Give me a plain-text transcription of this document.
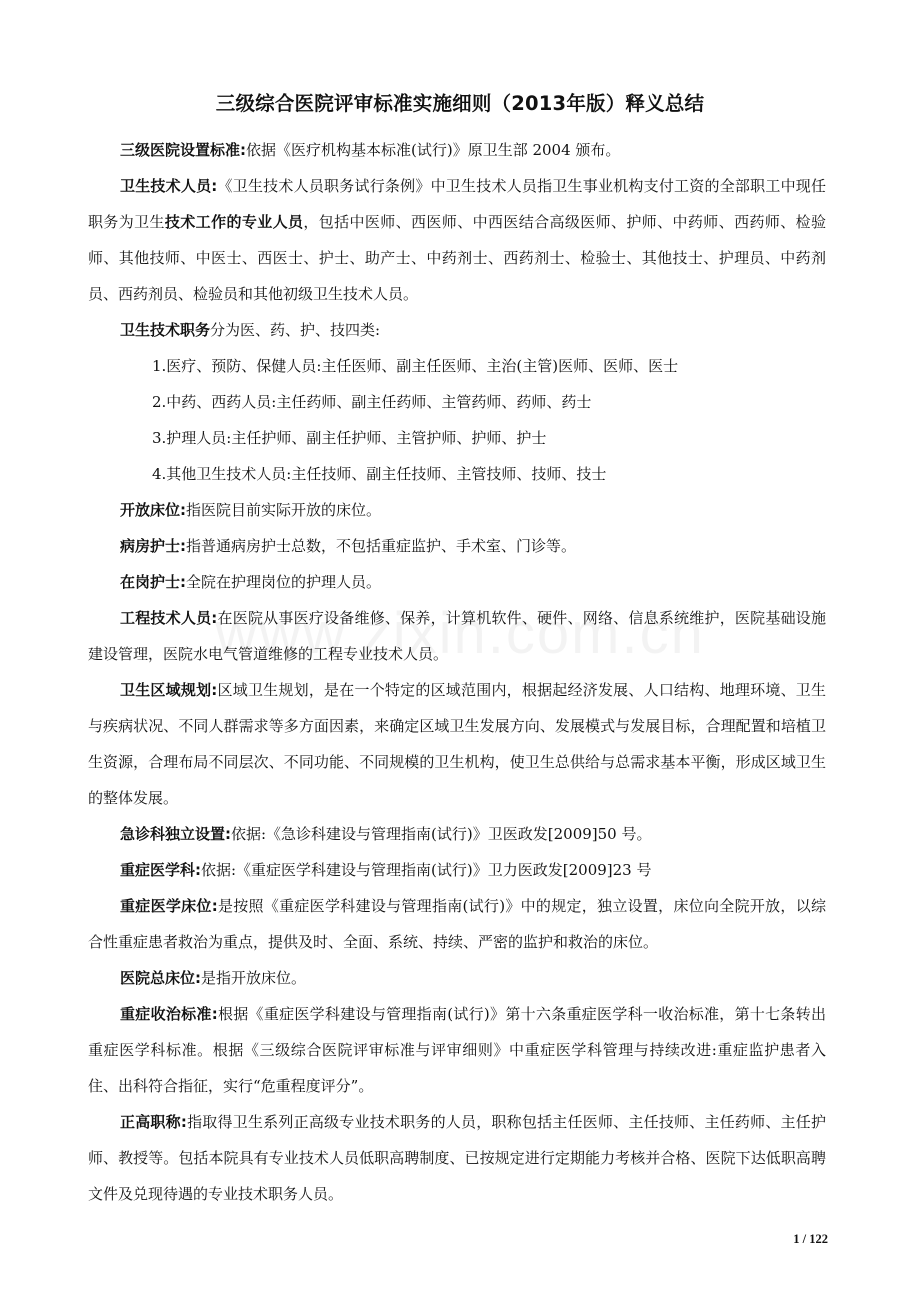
三级综合医院评审标准实施细则（2013年版）释义总结

三级医院设置标准:依据《医疗机构基本标准(试行)》原卫生部 2004 颁布。

卫生技术人员:《卫生技术人员职务试行条例》中卫生技术人员指卫生事业机构支付工资的全部职工中现任职务为卫生技术工作的专业人员，包括中医师、西医师、中西医结合高级医师、护师、中药师、西药师、检验师、其他技师、中医士、西医士、护士、助产士、中药剂士、西药剂士、检验士、其他技士、护理员、中药剂员、西药剂员、检验员和其他初级卫生技术人员。

卫生技术职务分为医、药、护、技四类:

1.医疗、预防、保健人员:主任医师、副主任医师、主治(主管)医师、医师、医士

2.中药、西药人员:主任药师、副主任药师、主管药师、药师、药士

3.护理人员:主任护师、副主任护师、主管护师、护师、护士

4.其他卫生技术人员:主任技师、副主任技师、主管技师、技师、技士

开放床位:指医院目前实际开放的床位。

病房护士:指普通病房护士总数，不包括重症监护、手术室、门诊等。

在岗护士:全院在护理岗位的护理人员。

工程技术人员:在医院从事医疗设备维修、保养，计算机软件、硬件、网络、信息系统维护，医院基础设施建设管理，医院水电气管道维修的工程专业技术人员。

卫生区域规划:区域卫生规划，是在一个特定的区域范围内，根据起经济发展、人口结构、地理环境、卫生与疾病状况、不同人群需求等多方面因素，来确定区域卫生发展方向、发展模式与发展目标，合理配置和培植卫生资源，合理布局不同层次、不同功能、不同规模的卫生机构，使卫生总供给与总需求基本平衡，形成区域卫生的整体发展。

急诊科独立设置:依据:《急诊科建设与管理指南(试行)》卫医政发[2009]50 号。

重症医学科:依据:《重症医学科建设与管理指南(试行)》卫力医政发[2009]23 号

重症医学床位:是按照《重症医学科建设与管理指南(试行)》中的规定，独立设置，床位向全院开放，以综合性重症患者救治为重点，提供及时、全面、系统、持续、严密的监护和救治的床位。

医院总床位:是指开放床位。

重症收治标准:根据《重症医学科建设与管理指南(试行)》第十六条重症医学科一收治标准，第十七条转出重症医学科标准。根据《三级综合医院评审标准与评审细则》中重症医学科管理与持续改进:重症监护患者入住、出科符合指征，实行“危重程度评分”。

正高职称:指取得卫生系列正高级专业技术职务的人员，职称包括主任医师、主任技师、主任药师、主任护师、教授等。包括本院具有专业技术人员低职高聘制度、已按规定进行定期能力考核并合格、医院下达低职高聘文件及兑现待遇的专业技术职务人员。

1 / 122
